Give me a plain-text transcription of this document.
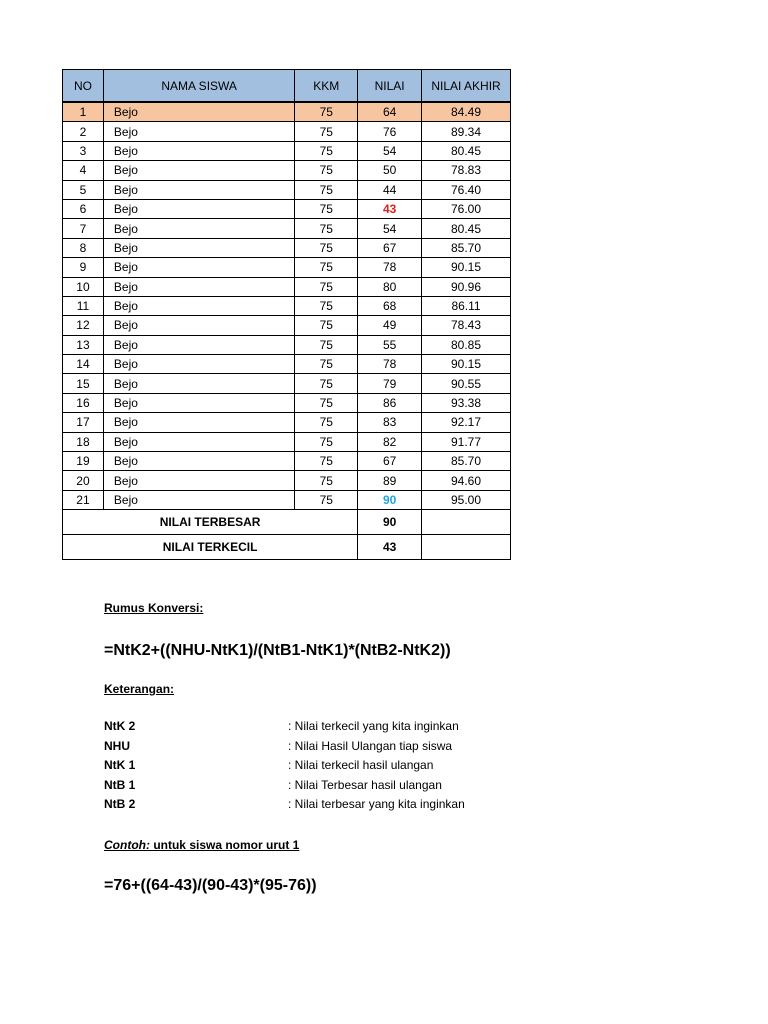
NO	NAMA SISWA	KKM	NILAI	NILAI AKHIR
1	Bejo	75	64	84.49
2	Bejo	75	76	89.34
3	Bejo	75	54	80.45
4	Bejo	75	50	78.83
5	Bejo	75	44	76.40
6	Bejo	75	43	76.00
7	Bejo	75	54	80.45
8	Bejo	75	67	85.70
9	Bejo	75	78	90.15
10	Bejo	75	80	90.96
11	Bejo	75	68	86.11
12	Bejo	75	49	78.43
13	Bejo	75	55	80.85
14	Bejo	75	78	90.15
15	Bejo	75	79	90.55
16	Bejo	75	86	93.38
17	Bejo	75	83	92.17
18	Bejo	75	82	91.77
19	Bejo	75	67	85.70
20	Bejo	75	89	94.60
21	Bejo	75	90	95.00
NILAI TERBESAR			90	
NILAI TERKECIL			43	
Rumus Konversi:
=NtK2+((NHU-NtK1)/(NtB1-NtK1)*(NtB2-NtK2))
Keterangan:
NtK 2	: Nilai terkecil yang kita inginkan
NHU	: Nilai Hasil Ulangan tiap siswa
NtK 1	: Nilai terkecil hasil ulangan
NtB 1	: Nilai Terbesar hasil ulangan
NtB 2	: Nilai terbesar yang kita inginkan
Contoh: untuk siswa nomor urut 1
=76+((64-43)/(90-43)*(95-76))
